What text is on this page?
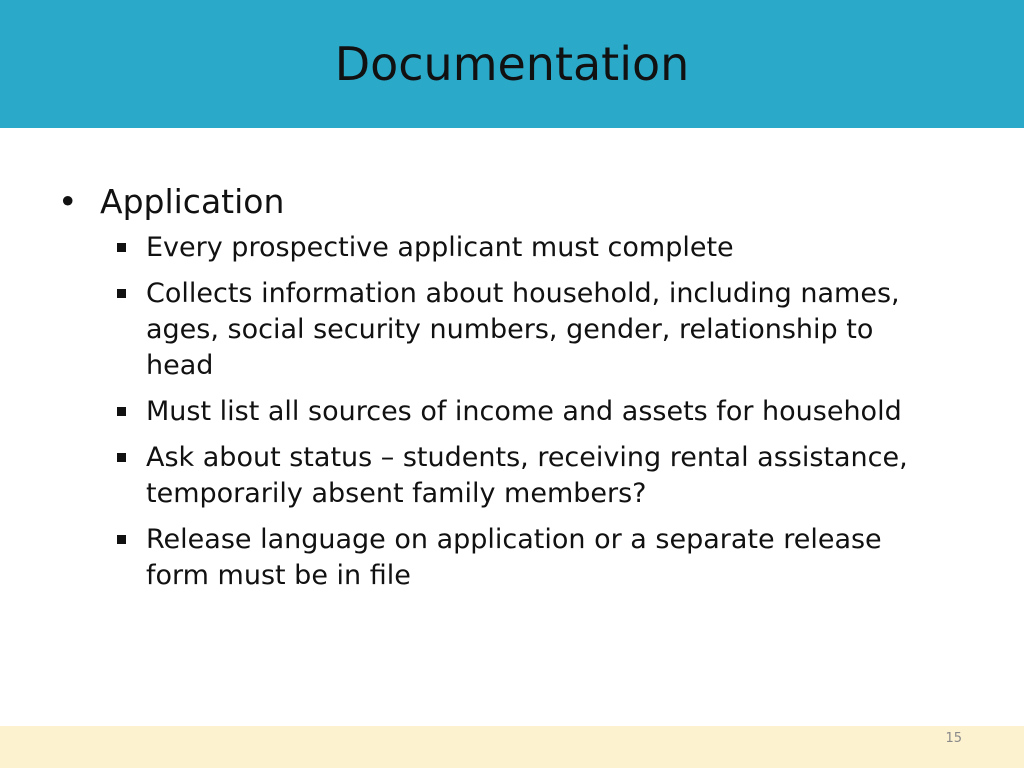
Documentation
• Application
Every prospective applicant must complete
Collects information about household, including names, ages, social security numbers, gender, relationship to head
Must list all sources of income and assets for household
Ask about status – students, receiving rental assistance, temporarily absent family members?
Release language on application or a separate release form must be in file
15
